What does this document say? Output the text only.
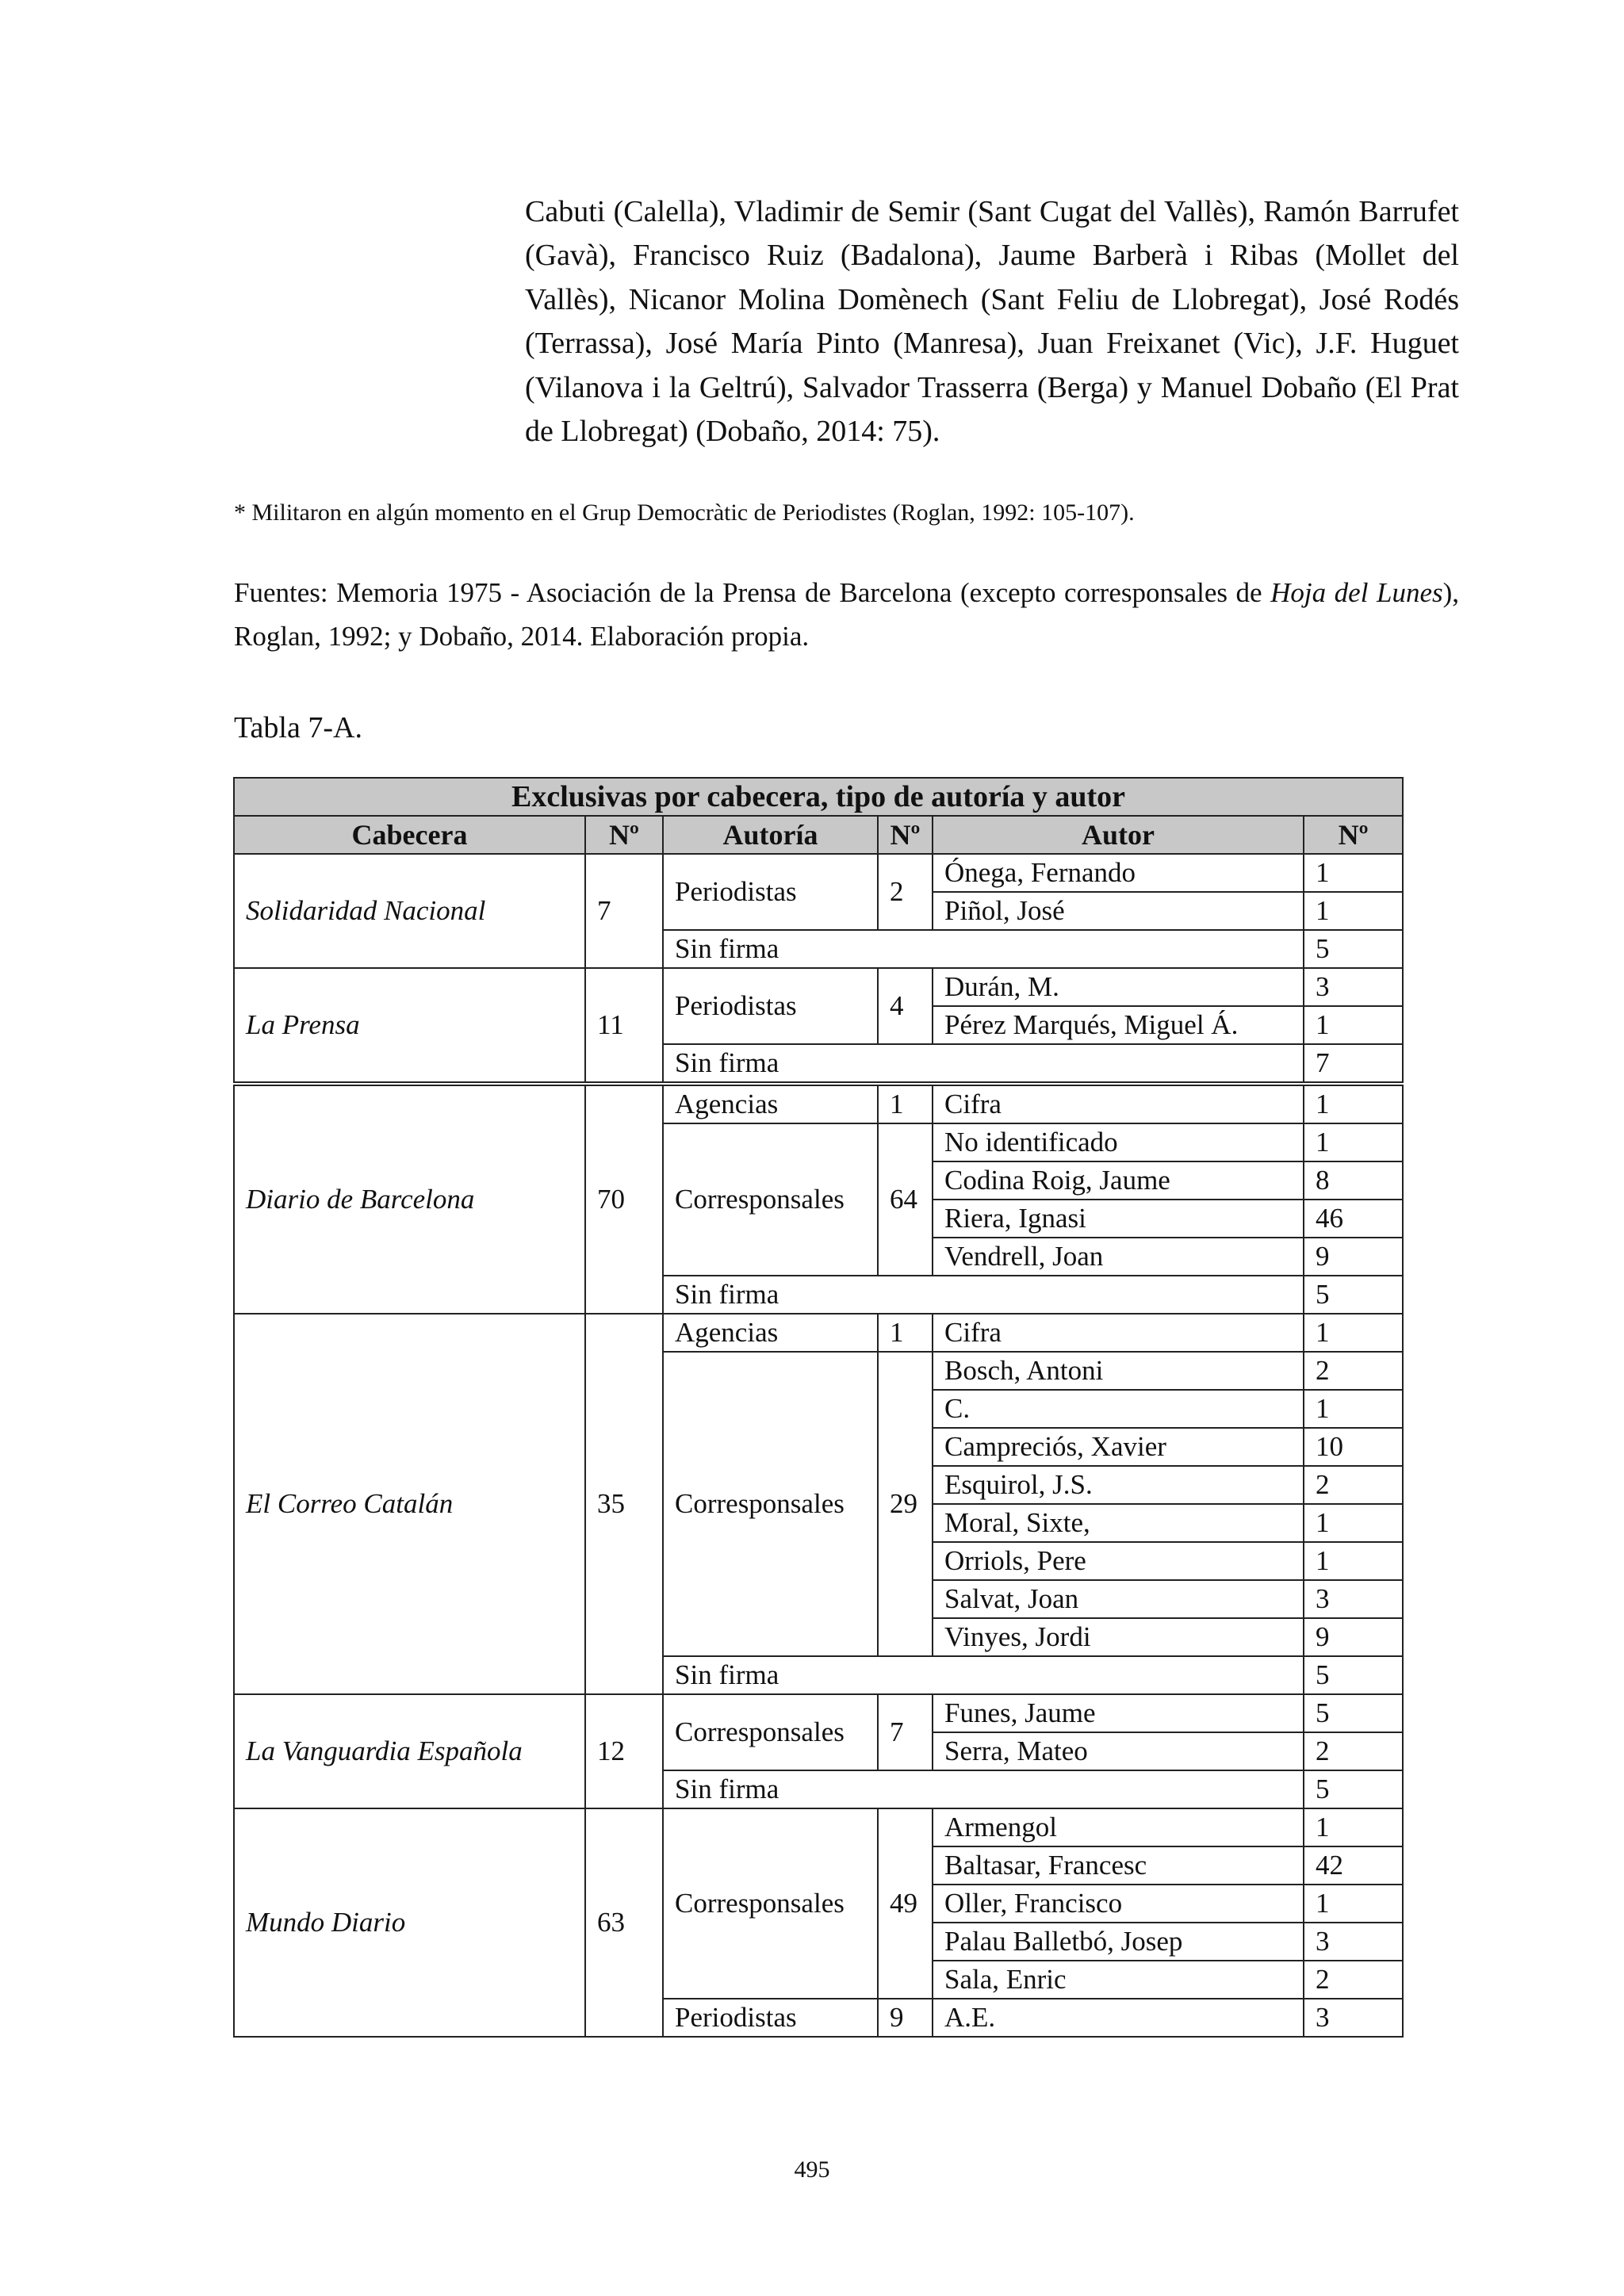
Cabuti (Calella), Vladimir de Semir (Sant Cugat del Vallès), Ramón Barrufet (Gavà), Francisco Ruiz (Badalona), Jaume Barberà i Ribas (Mollet del Vallès), Nicanor Molina Domènech (Sant Feliu de Llobregat), José Rodés (Terrassa), José María Pinto (Manresa), Juan Freixanet (Vic), J.F. Huguet (Vilanova i la Geltrú), Salvador Trasserra (Berga) y Manuel Dobaño (El Prat de Llobregat) (Dobaño, 2014: 75).

* Militaron en algún momento en el Grup Democràtic de Periodistes (Roglan, 1992: 105-107).

Fuentes: Memoria 1975 - Asociación de la Prensa de Barcelona (excepto corresponsales de Hoja del Lunes), Roglan, 1992; y Dobaño, 2014. Elaboración propia.

Tabla 7-A.

Exclusivas por cabecera, tipo de autoría y autor					
Cabecera	Nº	Autoría	Nº	Autor	Nº
Solidaridad Nacional	7	Periodistas	2	Ónega, Fernando	1
				Piñol, José	1
		Sin firma			5
La Prensa	11	Periodistas	4	Durán, M.	3
				Pérez Marqués, Miguel Á.	1
		Sin firma			7
Diario de Barcelona	70	Agencias	1	Cifra	1
		Corresponsales	64	No identificado	1
				Codina Roig, Jaume	8
				Riera, Ignasi	46
				Vendrell, Joan	9
		Sin firma			5
El Correo Catalán	35	Agencias	1	Cifra	1
		Corresponsales	29	Bosch, Antoni	2
				C.	1
				Campreciós, Xavier	10
				Esquirol, J.S.	2
				Moral, Sixte,	1
				Orriols, Pere	1
				Salvat, Joan	3
				Vinyes, Jordi	9
		Sin firma			5
La Vanguardia Española	12	Corresponsales	7	Funes, Jaume	5
				Serra, Mateo	2
		Sin firma			5
Mundo Diario	63	Corresponsales	49	Armengol	1
				Baltasar, Francesc	42
				Oller, Francisco	1
				Palau Balletbó, Josep	3
				Sala, Enric	2
		Periodistas	9	A.E.	3

495
